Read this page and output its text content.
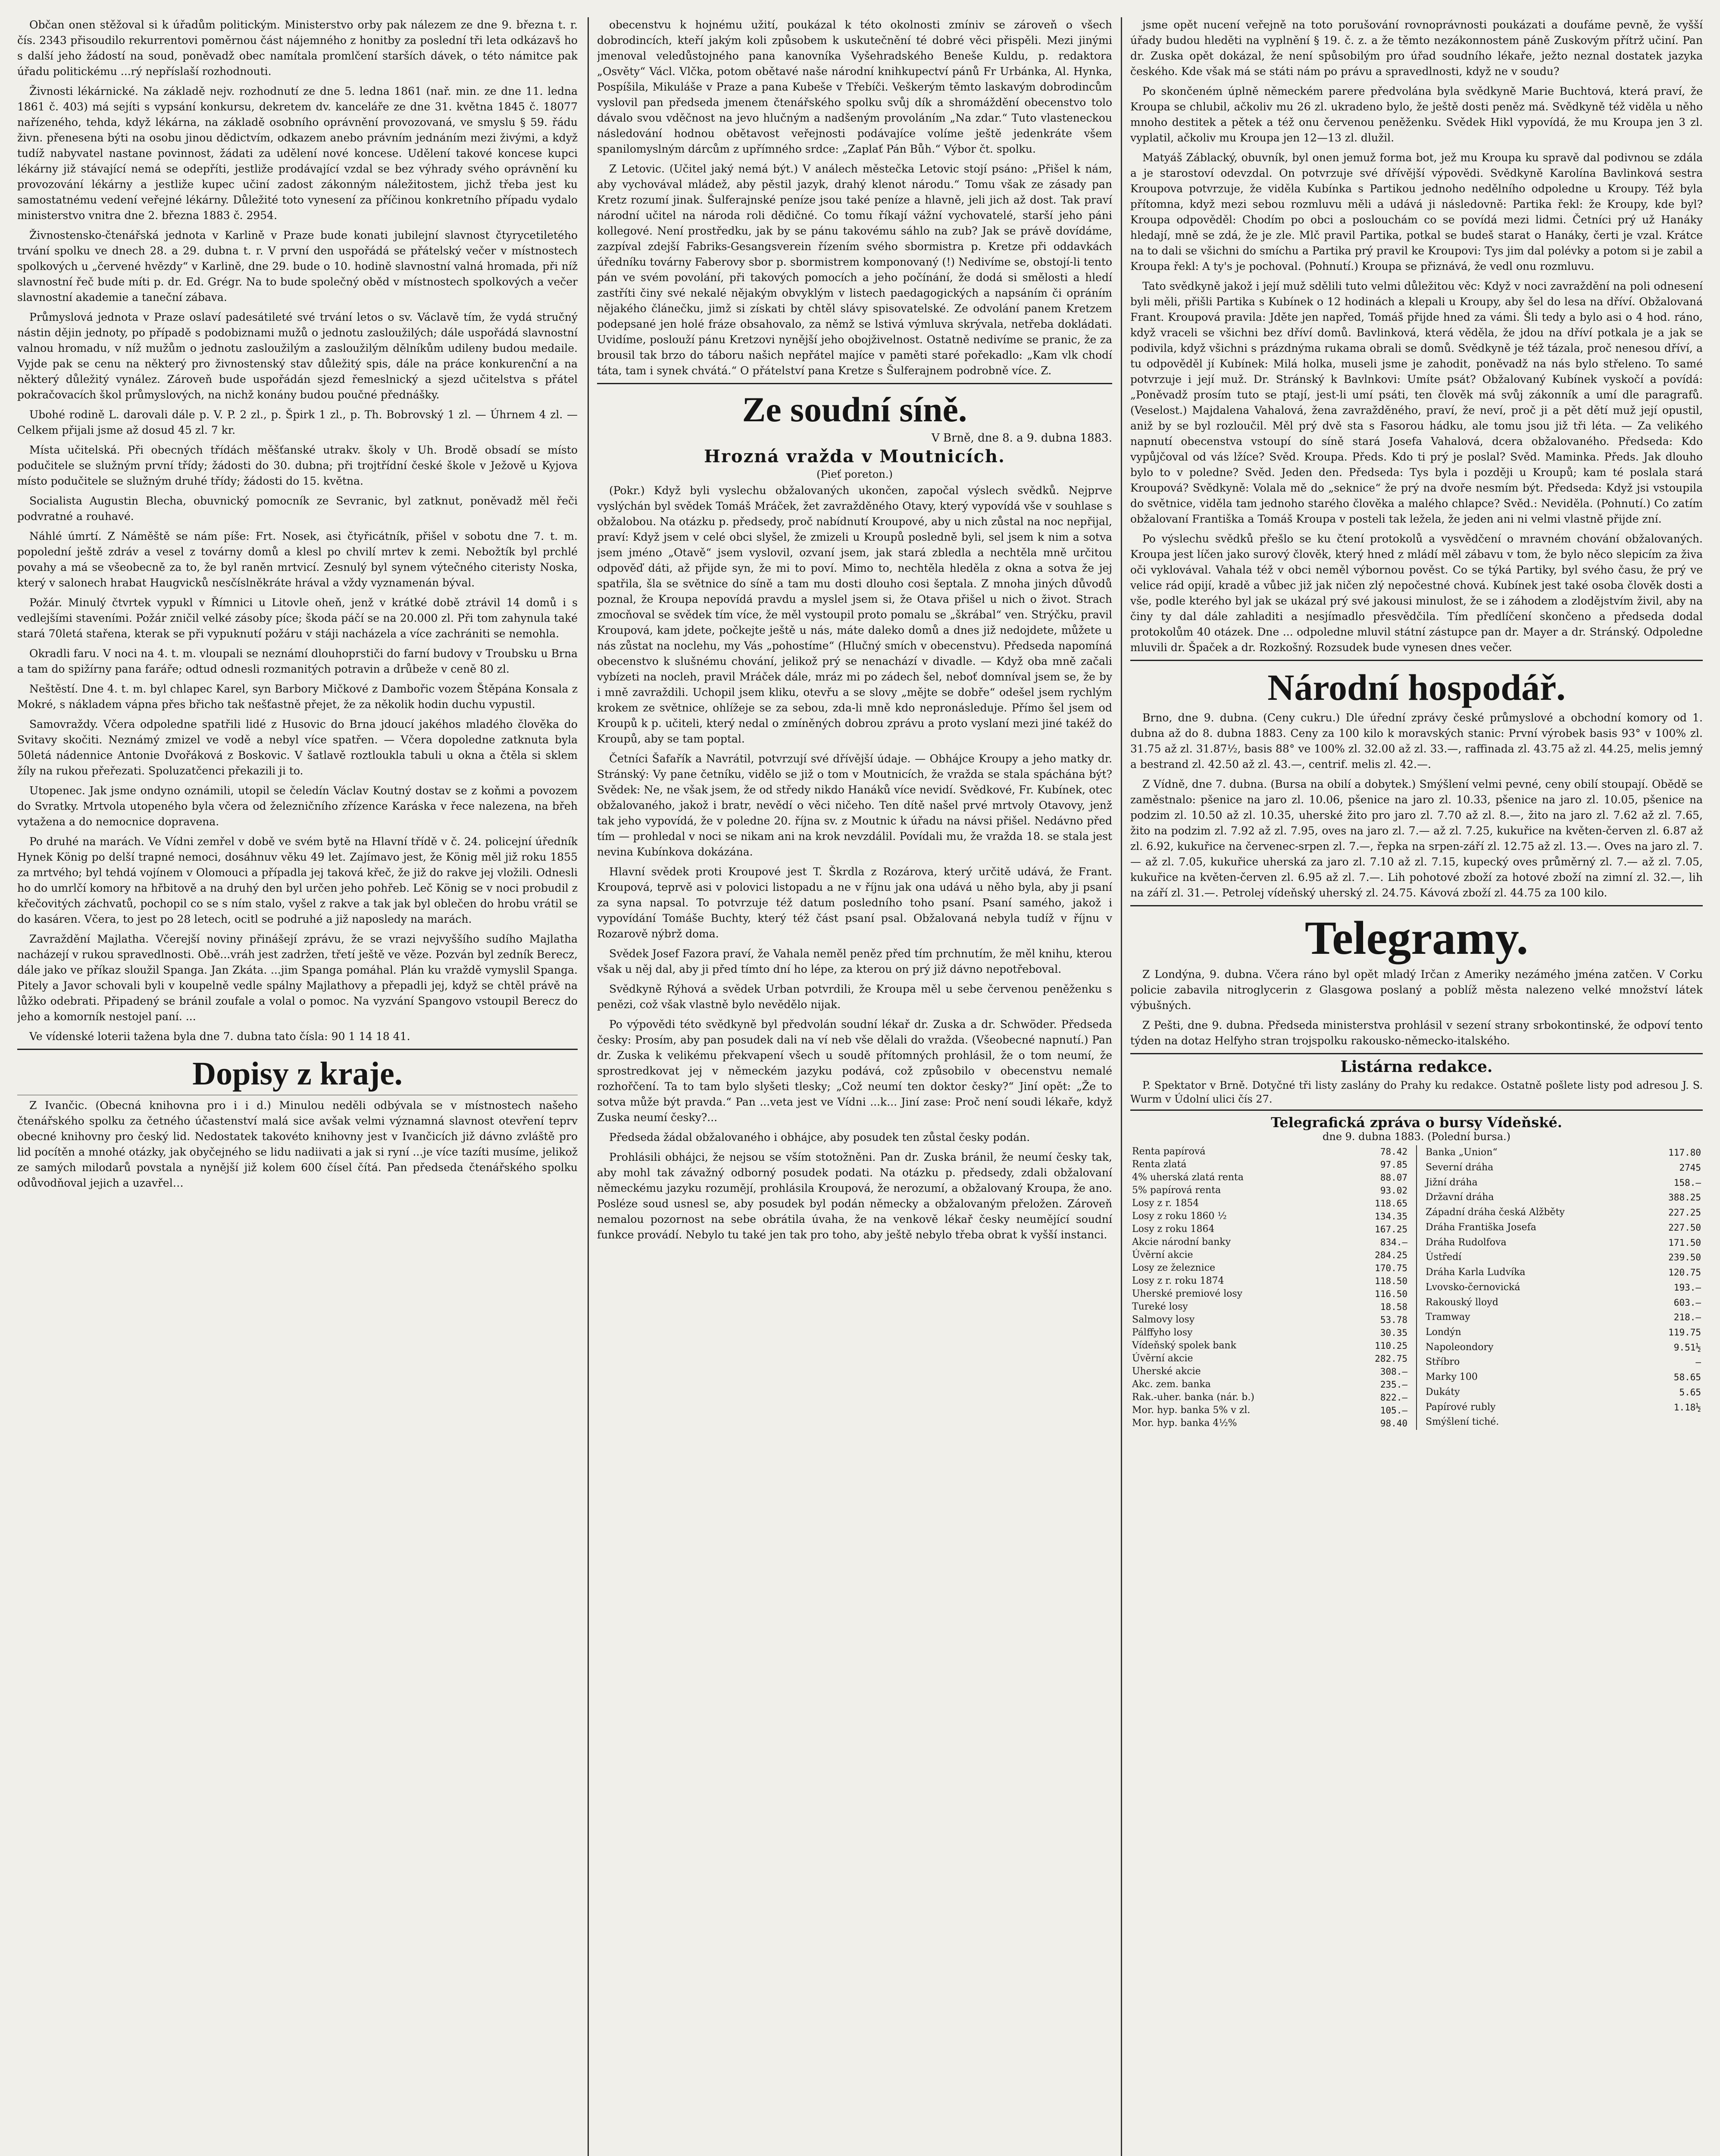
Občan onen stěžoval si k úřadům politickým. Ministerstvo orby pak nálezem ze dne 9. března t. r. čís. 2343 přisoudilo rekurrentovi poměrnou část nájemného z honitby za poslední tři leta odkázavš ho s další jeho žádostí na soud, poněvadž obec namítala promlčení starších dávek, o této námitce pak úřadu politickému ...rý nepříslaší rozhodnouti.

Živnosti lékárnické. Na základě nejv. rozhodnutí ze dne 5. ledna 1861 (nař. min. ze dne 11. ledna 1861 č. 403) má sejíti s vypsání konkursu, dekretem dv. kanceláře ze dne 31. května 1845 č. 18077 nařízeného, tehda, když lékárna, na základě osobního oprávnění provozovaná, ve smyslu § 59. řádu živn. přenesena býti na osobu jinou dědictvím, odkazem anebo právním jednáním mezi živými, a když tudíž nabyvatel nastane povinnost, žádati za udělení nové koncese. Udělení takové koncese kupci lékárny již stávající nemá se odepříti, jestliže prodávající vzdal se bez výhrady svého oprávnění ku provozování lékárny a jestliže kupec učiní zadost zákonným náležitostem, jichž třeba jest ku samostatnému vedení veřejné lékárny. Důležité toto vynesení za příčinou konkretního případu vydalo ministerstvo vnitra dne 2. března 1883 č. 2954.

Živnostensko-čtenářská jednota v Karlině v Praze bude konati jubilejní slavnost čtyrycetiletého trvání spolku ve dnech 28. a 29. dubna t. r. V první den uspořádá se přátelský večer v místnostech spolkových u „červené hvězdy“ v Karlině, dne 29. bude o 10. hodině slavnostní valná hromada, při níž slavnostní řeč bude míti p. dr. Ed. Grégr. Na to bude společný oběd v místnostech spolkových a večer slavnostní akademie a taneční zábava.

Průmyslová jednota v Praze oslaví padesátileté své trvání letos o sv. Václavě tím, že vydá stručný nástin dějin jednoty, po případě s podobiznami mužů o jednotu zasloužilých; dále uspořádá slavnostní valnou hromadu, v níž mužům o jednotu zasloužilým a zasloužilým dělníkům udileny budou medaile. Vyjde pak se cenu na některý pro živnostenský stav důležitý spis, dále na práce konkurenční a na některý důležitý vynález. Zároveň bude uspořádán sjezd řemeslnický a sjezd učitelstva s přátel pokračovacích škol průmyslových, na nichž konány budou poučné přednášky.

Ubohé rodině L. darovali dále p. V. P. 2 zl., p. Špirk 1 zl., p. Th. Bobrovský 1 zl. — Úhrnem 4 zl. — Celkem přijali jsme až dosud 45 zl. 7 kr.

Místa učitelská. Při obecných třídách měšťanské utrakv. školy v Uh. Brodě obsadí se místo podučitele se služným první třídy; žádosti do 30. dubna; při trojtřídní české škole v Ježově u Kyjova místo podučitele se služným druhé třídy; žádosti do 15. května.

Socialista Augustin Blecha, obuvnický pomocník ze Sevranic, byl zatknut, poněvadž měl řeči podvratné a rouhavé.

Náhlé úmrtí. Z Náměště se nám píše: Frt. Nosek, asi čtyřicátník, přišel v sobotu dne 7. t. m. popolední ještě zdráv a vesel z továrny domů a klesl po chvilí mrtev k zemi. Nebožtík byl prchlé povahy a má se všeobecně za to, že byl raněn mrtvicí. Zesnulý byl synem výtečného citeristy Noska, který v salonech hrabat Haugvicků nesčíslněkráte hrával a vždy vyznamenán býval.

Požár. Minulý čtvrtek vypukl v Římnici u Litovle oheň, jenž v krátké době ztrávil 14 domů i s vedlejšími staveními. Požár zničil velké zásoby píce; škoda páčí se na 20.000 zl. Při tom zahynula také stará 70letá stařena, kterak se při vypuknutí požáru v stáji nacházela a více zachrániti se nemohla.

Okradli faru. V noci na 4. t. m. vloupali se neznámí dlouhoprstiči do farní budovy v Troubsku u Brna a tam do spižírny pana faráře; odtud odnesli rozmanitých potravin a drůbeže v ceně 80 zl.

Neštěstí. Dne 4. t. m. byl chlapec Karel, syn Barbory Mičkové z Dambořic vozem Štěpána Konsala z Mokré, s nákladem vápna přes břicho tak nešťastně přejet, že za několik hodin duchu vypustil.

Samovraždy. Včera odpoledne spatřili lidé z Husovic do Brna jdoucí jakéhos mladého člověka do Svitavy skočiti. Neznámý zmizel ve vodě a nebyl více spatřen. — Včera dopoledne zatknuta byla 50letá nádennice Antonie Dvořáková z Boskovic. V šatlavě roztloukla tabuli u okna a čtěla si sklem žíly na rukou přeřezati. Spoluzatčenci překazili ji to.

Utopenec. Jak jsme ondyno oznámili, utopil se čeledín Václav Koutný dostav se z koňmi a povozem do Svratky. Mrtvola utopeného byla včera od železničního zřízence Karáska v řece nalezena, na břeh vytažena a do nemocnice dopravena.

Po druhé na marách. Ve Vídni zemřel v době ve svém bytě na Hlavní třídě v č. 24. policejní úředník Hynek König po delší trapné nemoci, dosáhnuv věku 49 let. Zajímavo jest, že König měl již roku 1855 za mrtvého; byl tehdá vojínem v Olomouci a případla jej taková křeč, že již do rakve jej vložili. Odnesli ho do umrlčí komory na hřbitově a na druhý den byl určen jeho pohřeb. Leč König se v noci probudil z křečovitých záchvatů, pochopil co se s ním stalo, vyšel z rakve a tak jak byl oblečen do hrobu vrátil se do kasáren. Včera, to jest po 28 letech, ocitl se podruhé a již naposledy na marách.

Zavraždění Majlatha. Včerejší noviny přinášejí zprávu, že se vrazi nejvyššího sudího Majlatha nacházejí v rukou spravedlnosti. Obě...vráh jest zadržen, třetí ještě ve věze. Pozván byl zedník Berecz, dále jako ve příkaz sloužil Spanga. Jan Zkáta. ...jim Spanga pomáhal. Plán ku vraždě vymyslil Spanga. Pitely a Javor schovali byli v koupelně vedle spálny Majlathovy a přepadli jej, když se chtěl právě na lůžko odebrati. Připadený se bránil zoufale a volal o pomoc. Na vyzvání Spangovo vstoupil Berecz do jeho a komorník nestojel paní. ...

Ve vídenské loterii tažena byla dne 7. dubna tato čísla: 90 1 14 18 41.

Dopisy z kraje.

Z Ivančic. (Obecná knihovna pro i i d.) Minulou neděli odbývala se v místnostech našeho čtenářského spolku za četného účastenství malá sice avšak velmi významná slavnost otevření teprv obecné knihovny pro český lid. Nedostatek takovéto knihovny jest v Ivančicích již dávno zvláště pro lid pocítěn a mnohé otázky, jak obyčejného se lidu nadiivati a jak si ryní ...je více tazíti musíme, jelikož ze samých milodarů povstala a nynější již kolem 600 čísel čítá. Pan předseda čtenářského spolku odůvodňoval jejich a uzavřel…

obecenstvu k hojnému užití, poukázal k této okolnosti zmíniv se zároveň o všech dobrodincích, kteří jakým koli způsobem k uskutečnění té dobré věci přispěli. Mezi jinými jmenoval veledůstojného pana kanovníka Vyšehradského Beneše Kuldu, p. redaktora „Osvěty“ Václ. Vlčka, potom obětavé naše národní knihkupectví pánů Fr Urbánka, Al. Hynka, Pospíšila, Mikuláše v Praze a pana Kubeše v Třebíči. Veškerým těmto laskavým dobrodincům vyslovil pan předseda jmenem čtenářského spolku svůj dík a shromáždění obecenstvo tolo dávalo svou vděčnost na jevo hlučným a nadšeným provoláním „Na zdar.“ Tuto vlasteneckou následování hodnou obětavost veřejnosti podávajíce volíme ještě jedenkráte všem spanilomyslným dárcům z upřímného srdce: „Zaplať Pán Bůh.“ Výbor čt. spolku.

Z Letovic. (Učitel jaký nemá být.) V análech městečka Letovic stojí psáno: „Přišel k nám, aby vychovával mládež, aby pěstil jazyk, drahý klenot národu.“ Tomu však ze zásady pan Kretz rozumí jinak. Šulferajnské peníze jsou také peníze a hlavně, jeli jich až dost. Tak praví národní učitel na národa roli dědičné. Co tomu říkají vážní vychovatelé, starší jeho páni kollegové. Není prostředku, jak by se pánu takovému sáhlo na zub? Jak se právě dovídáme, zazpíval zdejší Fabriks-Gesangsverein řízením svého sbormistra p. Kretze při oddavkách úředníku továrny Faberovy sbor p. sbormistrem komponovaný (!) Nedivíme se, obstojí-li tento pán ve svém povolání, při takových pomocích a jeho počínání, že dodá si smělosti a hledí zastříti činy své nekalé nějakým obvyklým v listech paedagogických a napsáním či opráním nějakého článečku, jimž si získati by chtěl slávy spisovatelské. Ze odvolání panem Kretzem podepsané jen holé fráze obsahovalo, za němž se lstivá výmluva skrývala, netřeba dokládati. Uvidíme, poslouží pánu Kretzovi nynější jeho obojživelnost. Ostatně nedivíme se pranic, že za brousil tak brzo do táboru našich nepřátel majíce v paměti staré pořekadlo: „Kam vlk chodí táta, tam i synek chvátá.“ O přátelství pana Kretze s Šulferajnem podrobně více. Z.

Ze soudní síně.
V Brně, dne 8. a 9. dubna 1883.
Hrozná vražda v Moutnicích.
(Pieť poreton.)

(Pokr.) Když byli vyslechu obžalovaných ukončen, započal výslech svědků. Nejprve vyslýchán byl svědek Tomáš Mráček, žet zavražděného Otavy, který vypovídá vše v souhlase s obžalobou. Na otázku p. předsedy, proč nabídnutí Kroupové, aby u nich zůstal na noc nepřijal, praví: Když jsem v celé obci slyšel, že zmizeli u Kroupů posledně byli, sel jsem k nim a sotva jsem jméno „Otavě“ jsem vyslovil, ozvaní jsem, jak stará zbledla a nechtěla mně určitou odpověď dáti, až přijde syn, že mi to poví. Mimo to, nechtěla hleděla z okna a sotva že jej spatřila, šla se světnice do síně a tam mu dosti dlouho cosi šeptala. Z mnoha jiných důvodů poznal, že Kroupa nepovídá pravdu a myslel jsem si, že Otava přišel u nich o život. Strach zmocňoval se svědek tím více, že měl vystoupil proto pomalu se „škrábal“ ven. Strýčku, pravil Kroupová, kam jdete, počkejte ještě u nás, máte daleko domů a dnes již nedojdete, můžete u nás zůstat na noclehu, my Vás „pohostíme“ (Hlučný smích v obecenstvu). Předseda napomíná obecenstvo k slušnému chování, jelikož prý se nenachází v divadle. — Když oba mně začali vybízeti na nocleh, pravil Mráček dále, mráz mi po zádech šel, neboť domníval jsem se, že by i mně zavraždili. Uchopil jsem kliku, otevřu a se slovy „mějte se dobře“ odešel jsem rychlým krokem ze světnice, ohlížeje se za sebou, zda-li mně kdo nepronásleduje. Přímo šel jsem od Kroupů k p. učiteli, který nedal o zmíněných dobrou zprávu a proto vyslaní mezi jiné takéž do Kroupů, aby se tam poptal.

Četníci Šafařík a Navrátil, potvrzují své dřívější údaje. — Obhájce Kroupy a jeho matky dr. Stránský: Vy pane četníku, vidělo se již o tom v Moutnicích, že vražda se stala spáchána být? Svědek: Ne, ne však jsem, že od středy nikdo Hanáků více nevidí. Svědkové, Fr. Kubínek, otec obžalovaného, jakož i bratr, nevědí o věci ničeho. Ten dítě našel prvé mrtvoly Otavovy, jenž tak jeho vypovídá, že v poledne 20. října sv. z Moutnic k úřadu na návsi přišel. Nedávno před tím — prohledal v noci se nikam ani na krok nevzdálil. Povídali mu, že vražda 18. se stala jest nevina Kubínkova dokázána.

Hlavní svědek proti Kroupové jest T. Škrdla z Rozárova, který určitě udává, že Frant. Kroupová, teprvě asi v polovici listopadu a ne v říjnu jak ona udává u něho byla, aby ji psaní za syna napsal. To potvrzuje též datum posledního toho psaní. Psaní samého, jakož i vypovídání Tomáše Buchty, který též část psaní psal. Obžalovaná nebyla tudíž v říjnu v Rozarově nýbrž doma.

Svědek Josef Fazora praví, že Vahala neměl peněz před tím prchnutím, že měl knihu, kterou však u něj dal, aby ji před tímto dní ho lépe, za kterou on prý již dávno nepotřeboval.

Svědkyně Rýhová a svědek Urban potvrdili, že Kroupa měl u sebe červenou peněženku s penězi, což však vlastně bylo nevědělo nijak.

Po výpovědi této svědkyně byl předvolán soudní lékař dr. Zuska a dr. Schwöder. Předseda česky: Prosím, aby pan posudek dali na ví neb vše dělali do vražda. (Všeobecné napnutí.) Pan dr. Zuska k velikému překvapení všech u soudě přítomných prohlásil, že o tom neumí, že sprostredkovat jej v německém jazyku podává, což způsobilo v obecenstvu nemalé rozhořčení. Ta to tam bylo slyšeti tlesky; „Což neumí ten doktor česky?“ Jiní opět: „Že to sotva může být pravda.“ Pan ...veta jest ve Vídni ...k... Jiní zase: Proč není soudi lékaře, když Zuska neumí česky?...

Předseda žádal obžalovaného i obhájce, aby posudek ten zůstal česky podán.

Prohlásili obhájci, že nejsou se vším stotožněni. Pan dr. Zuska bránil, že neumí česky tak, aby mohl tak závažný odborný posudek podati. Na otázku p. předsedy, zdali obžalovaní německému jazyku rozumějí, prohlásila Kroupová, že nerozumí, a obžalovaný Kroupa, že ano. Posléze soud usnesl se, aby posudek byl podán německy a obžalovaným přeložen. Zároveň nemalou pozornost na sebe obrátila úvaha, že na venkově lékař česky neumějící soudní funkce provádí. Nebylo tu také jen tak pro toho, aby ještě nebylo třeba obrat k vyšší instanci.

jsme opět nucení veřejně na toto porušování rovnoprávnosti poukázati a doufáme pevně, že vyšší úřady budou hleděti na vyplnění § 19. č. z. a že těmto nezákonnostem páně Zuskovým přítrž učiní. Pan dr. Zuska opět dokázal, že není spůsobilým pro úřad soudního lékaře, ježto neznal dostatek jazyka českého. Kde však má se státi nám po právu a spravedlnosti, když ne v soudu?

Po skončeném úplně německém parere předvolána byla svědkyně Marie Buchtová, která praví, že Kroupa se chlubil, ačkoliv mu 26 zl. ukradeno bylo, že ještě dosti peněz má. Svědkyně též viděla u něho mnoho destitek a pětek a též onu červenou peněženku. Svědek Hikl vypovídá, že mu Kroupa jen 3 zl. vyplatil, ačkoliv mu Kroupa jen 12—13 zl. dlužil.

Matyáš Záblacký, obuvník, byl onen jemuž forma bot, jež mu Kroupa ku spravě dal podivnou se zdála a je starostoví odevzdal. On potvrzuje své dřívější výpovědi. Svědkyně Karolína Bavlinková sestra Kroupova potvrzuje, že viděla Kubínka s Partikou jednoho nedělního odpoledne u Kroupy. Též byla přítomna, když mezi sebou rozmluvu měli a udává ji následovně: Partika řekl: že Kroupy, kde byl? Kroupa odpověděl: Chodím po obci a poslouchám co se povídá mezi lidmi. Četníci prý už Hanáky hledají, mně se zdá, že je zle. Mlč pravil Partika, potkal se budeš starat o Hanáky, čerti je vzal. Krátce na to dali se všichni do smíchu a Partika prý pravil ke Kroupovi: Tys jim dal polévky a potom si je zabil a Kroupa řekl: A ty's je pochoval. (Pohnutí.) Kroupa se přiznává, že vedl onu rozmluvu.

Tato svědkyně jakož i její muž sdělili tuto velmi důležitou věc: Když v noci zavraždění na poli odnesení byli měli, přišli Partika s Kubínek o 12 hodinách a klepali u Kroupy, aby šel do lesa na dříví. Obžalovaná Frant. Kroupová pravila: Jděte jen napřed, Tomáš přijde hned za vámi. Šli tedy a bylo asi o 4 hod. ráno, když vraceli se všichni bez dříví domů. Bavlinková, která věděla, že jdou na dříví potkala je a jak se podivila, když všichni s prázdnýma rukama obrali se domů. Svědkyně je též tázala, proč nenesou dříví, a tu odpověděl jí Kubínek: Milá holka, museli jsme je zahodit, poněvadž na nás bylo střeleno. To samé potvrzuje i její muž. Dr. Stránský k Bavlnkovi: Umíte psát? Obžalovaný Kubínek vyskočí a povídá: „Poněvadž prosím tuto se ptají, jest-li umí psáti, ten člověk má svůj zákonník a umí dle paragrafů. (Veselost.) Majdalena Vahalová, žena zavražděného, praví, že neví, proč ji a pět dětí muž její opustil, aniž by se byl rozloučil. Měl prý dvě sta s Fasorou hádku, ale tomu jsou již tři léta. — Za velikého napnutí obecenstva vstoupí do síně stará Josefa Vahalová, dcera obžalovaného. Předseda: Kdo vypůjčoval od vás lžíce? Svěd. Kroupa. Předs. Kdo ti prý je poslal? Svěd. Maminka. Předs. Jak dlouho bylo to v poledne? Svěd. Jeden den. Předseda: Tys byla i později u Kroupů; kam té poslala stará Kroupová? Svědkyně: Volala mě do „seknice“ že prý na dvoře nesmím být. Předseda: Když jsi vstoupila do světnice, viděla tam jednoho starého člověka a malého chlapce? Svěd.: Neviděla. (Pohnutí.) Co zatím obžalovaní Františka a Tomáš Kroupa v posteli tak ležela, že jeden ani ni velmi vlastně přijde zní.

Po výslechu svědků přešlo se ku čtení protokolů a vysvědčení o mravném chování obžalovaných. Kroupa jest líčen jako surový člověk, který hned z mládí měl zábavu v tom, že bylo něco slepicím za živa oči vyklovával. Vahala též v obci neměl výbornou pověst. Co se týká Partiky, byl svého času, že prý ve velice rád opijí, kradě a vůbec již jak ničen zlý nepočestné chová. Kubínek jest také osoba člověk dosti a vše, podle kterého byl jak se ukázal prý své jakousi minulost, že se i záhodem a zlodějstvím živil, aby na činy ty dal dále zahladiti a nesjímadlo přesvědčila. Tím předlíčení skončeno a předseda dodal protokolům 40 otázek. Dne ... odpoledne mluvil státní zástupce pan dr. Mayer a dr. Stránský. Odpoledne mluvili dr. Špaček a dr. Rozkošný. Rozsudek bude vynesen dnes večer.

Národní hospodář.

Brno, dne 9. dubna. (Ceny cukru.) Dle úřední zprávy české průmyslové a obchodní komory od 1. dubna až do 8. dubna 1883. Ceny za 100 kilo k moravských stanic: První výrobek basis 93° v 100% zl. 31.75 až zl. 31.87½, basis 88° ve 100% zl. 32.00 až zl. 33.—, raffinada zl. 43.75 až zl. 44.25, melis jemný a bestrand zl. 42.50 až zl. 43.—, centrif. melis zl. 42.—.

Z Vídně, dne 7. dubna. (Bursa na obilí a dobytek.) Smýšlení velmi pevné, ceny obilí stoupají. Obědě se zaměstnalo: pšenice na jaro zl. 10.06, pšenice na jaro zl. 10.33, pšenice na jaro zl. 10.05, pšenice na podzim zl. 10.50 až zl. 10.35, uherské žito pro jaro zl. 7.70 až zl. 8.—, žito na jaro zl. 7.62 až zl. 7.65, žito na podzim zl. 7.92 až zl. 7.95, oves na jaro zl. 7.— až zl. 7.25, kukuřice na květen-červen zl. 6.87 až zl. 6.92, kukuřice na červenec-srpen zl. 7.—, řepka na srpen-září zl. 12.75 až zl. 13.—. Oves na jaro zl. 7.— až zl. 7.05, kukuřice uherská za jaro zl. 7.10 až zl. 7.15, kupecký oves průměrný zl. 7.— až zl. 7.05, kukuřice na květen-červen zl. 6.95 až zl. 7.—. Lih pohotové zboží za hotové zboží na zimní zl. 32.—, lih na září zl. 31.—. Petrolej vídeňský uherský zl. 24.75. Kávová zboží zl. 44.75 za 100 kilo.

Telegramy.

Z Londýna, 9. dubna. Včera ráno byl opět mladý Irčan z Ameriky nezámého jména zatčen. V Corku policie zabavila nitroglycerin z Glasgowa poslaný a poblíž města nalezeno velké množství látek výbušných.

Z Pešti, dne 9. dubna. Předseda ministerstva prohlásil v sezení strany srbokontinské, že odpoví tento týden na dotaz Helfyho stran trojspolku rakousko-německo-italského.

Listárna redakce.

P. Spektator v Brně. Dotyčné tři listy zaslány do Prahy ku redakce. Ostatně pošlete listy pod adresou J. S. Wurm v Údolní ulici čís 27.

Telegrafická zpráva o bursy Vídeňské.
dne 9. dubna 1883. (Polední bursa.)
Renta papírová	78.42
Renta zlatá	97.85
4% uherská zlatá renta	88.07
5% papírová renta	93.02
Losy z r. 1854	118.65
Losy z roku 1860 ½	134.35
Losy z roku 1864	167.25
Akcie národní banky	834.—
Úvěrní akcie	284.25
Losy ze železnice	170.75
Losy z r. roku 1874	118.50
Uherské premiové losy	116.50
Tureké losy	18.58
Salmovy losy	53.78
Pálffyho losy	30.35
Vídeňský spolek bank	110.25
Úvěrní akcie	282.75
Uherské akcie	308.—
Akc. zem. banka	235.—
Rak.-uher. banka (nár. b.)	822.—
Mor. hyp. banka 5% v zl.	105.—
Mor. hyp. banka 4½%	98.40
Banka „Union“	117.80
Severní dráha	2745
Jižní dráha	158.—
Državní dráha	388.25
Západní dráha česká Alžběty	227.25
Dráha Františka Josefa	227.50
Dráha Rudolfova	171.50
Ústředí	239.50
Dráha Karla Ludvíka	120.75
Lvovsko-černovická	193.—
Rakouský lloyd	603.—
Tramway	218.—
Londýn	119.75
Napoleondory	9.51½
Stříbro	—
Marky 100	58.65
Dukáty	5.65
Papírové rubly	1.18½

Smýšlení tiché.	
